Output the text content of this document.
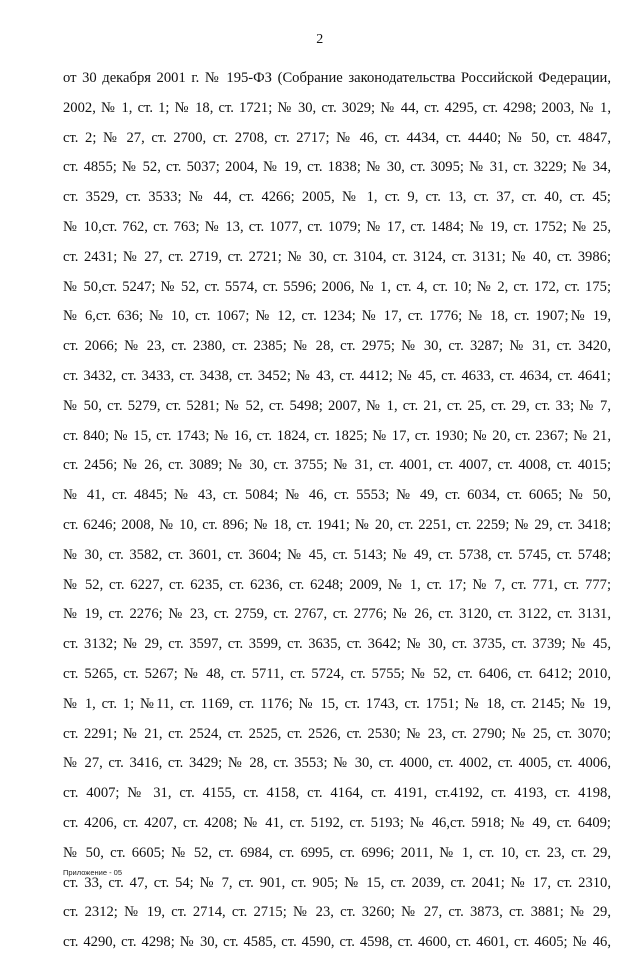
2
от 30 декабря 2001 г. № 195-ФЗ (Собрание законодательства Российской Федерации,
2002, № 1, ст. 1; № 18, ст. 1721; № 30, ст. 3029; № 44, ст. 4295, ст. 4298; 2003, № 1,
ст. 2; № 27, ст. 2700, ст. 2708, ст. 2717; № 46, ст. 4434, ст. 4440; № 50, ст. 4847,
ст. 4855; № 52, ст. 5037; 2004, № 19, ст. 1838; № 30, ст. 3095; № 31, ст. 3229; № 34,
ст. 3529, ст. 3533; № 44, ст. 4266; 2005, № 1, ст. 9, ст. 13, ст. 37, ст. 40, ст. 45;
№ 10,ст. 762, ст. 763; № 13, ст. 1077, ст. 1079; № 17, ст. 1484; № 19, ст. 1752; № 25,
ст. 2431; № 27, ст. 2719, ст. 2721; № 30, ст. 3104, ст. 3124, ст. 3131; № 40, ст. 3986;
№ 50,ст. 5247; № 52, ст. 5574, ст. 5596; 2006, № 1, ст. 4, ст. 10; № 2, ст. 172, ст. 175;
№ 6,ст. 636; № 10, ст. 1067; № 12, ст. 1234; № 17, ст. 1776; № 18, ст. 1907;№ 19,
ст. 2066; № 23, ст. 2380, ст. 2385; № 28, ст. 2975; № 30, ст. 3287; № 31, ст. 3420,
ст. 3432, ст. 3433, ст. 3438, ст. 3452; № 43, ст. 4412; № 45, ст. 4633, ст. 4634, ст. 4641;
№ 50, ст. 5279, ст. 5281; № 52, ст. 5498; 2007, № 1, ст. 21, ст. 25, ст. 29, ст. 33; № 7,
ст. 840; № 15, ст. 1743; № 16, ст. 1824, ст. 1825; № 17, ст. 1930; № 20, ст. 2367; № 21,
ст. 2456; № 26, ст. 3089; № 30, ст. 3755; № 31, ст. 4001, ст. 4007, ст. 4008, ст. 4015;
№ 41, ст. 4845; № 43, ст. 5084; № 46, ст. 5553; № 49, ст. 6034, ст. 6065; № 50,
ст. 6246; 2008, № 10, ст. 896; № 18, ст. 1941; № 20, ст. 2251, ст. 2259; № 29, ст. 3418;
№ 30, ст. 3582, ст. 3601, ст. 3604; № 45, ст. 5143; № 49, ст. 5738, ст. 5745, ст. 5748;
№ 52, ст. 6227, ст. 6235, ст. 6236, ст. 6248; 2009, № 1, ст. 17; № 7, ст. 771, ст. 777;
№ 19, ст. 2276; № 23, ст. 2759, ст. 2767, ст. 2776; № 26, ст. 3120, ст. 3122, ст. 3131,
ст. 3132; № 29, ст. 3597, ст. 3599, ст. 3635, ст. 3642; № 30, ст. 3735, ст. 3739; № 45,
ст. 5265, ст. 5267; № 48, ст. 5711, ст. 5724, ст. 5755; № 52, ст. 6406, ст. 6412; 2010,
№ 1, ст. 1; №11, ст. 1169, ст. 1176; № 15, ст. 1743, ст. 1751; № 18, ст. 2145; № 19,
ст. 2291; № 21, ст. 2524, ст. 2525, ст. 2526, ст. 2530; № 23, ст. 2790; № 25, ст. 3070;
№ 27, ст. 3416, ст. 3429; № 28, ст. 3553; № 30, ст. 4000, ст. 4002, ст. 4005, ст. 4006,
ст. 4007; № 31, ст. 4155, ст. 4158, ст. 4164, ст. 4191, ст.4192, ст. 4193, ст. 4198,
ст. 4206, ст. 4207, ст. 4208; № 41, ст. 5192, ст. 5193; № 46,ст. 5918; № 49, ст. 6409;
№ 50, ст. 6605; № 52, ст. 6984, ст. 6995, ст. 6996; 2011, № 1, ст. 10, ст. 23, ст. 29,
ст. 33, ст. 47, ст. 54; № 7, ст. 901, ст. 905; № 15, ст. 2039, ст. 2041; № 17, ст. 2310,
ст. 2312; № 19, ст. 2714, ст. 2715; № 23, ст. 3260; № 27, ст. 3873, ст. 3881; № 29,
ст. 4290, ст. 4298; № 30, ст. 4585, ст. 4590, ст. 4598, ст. 4600, ст. 4601, ст. 4605; № 46,
Приложение - 05
